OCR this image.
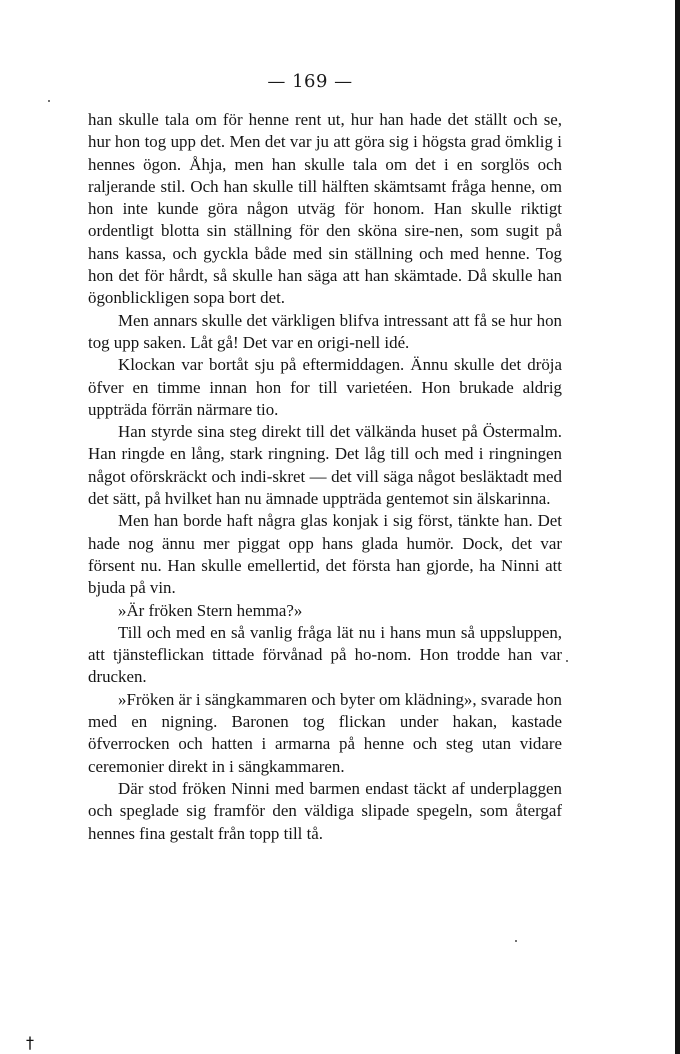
— 169 —

han skulle tala om för henne rent ut, hur han hade det ställt och se, hur hon tog upp det. Men det var ju att göra sig i högsta grad ömklig i hennes ögon. Åhja, men han skulle tala om det i en sorglös och raljerande stil. Och han skulle till hälften skämtsamt fråga henne, om hon inte kunde göra någon utväg för honom. Han skulle riktigt ordentligt blotta sin ställning för den sköna sire-nen, som sugit på hans kassa, och gyckla både med sin ställning och med henne. Tog hon det för hårdt, så skulle han säga att han skämtade. Då skulle han ögonblickligen sopa bort det.

Men annars skulle det värkligen blifva intressant att få se hur hon tog upp saken. Låt gå! Det var en origi-nell idé.

Klockan var bortåt sju på eftermiddagen. Ännu skulle det dröja öfver en timme innan hon for till varietéen. Hon brukade aldrig uppträda förrän närmare tio.

Han styrde sina steg direkt till det välkända huset på Östermalm. Han ringde en lång, stark ringning. Det låg till och med i ringningen något oförskräckt och indi-skret — det vill säga något besläktadt med det sätt, på hvilket han nu ämnade uppträda gentemot sin älskarinna.

Men han borde haft några glas konjak i sig först, tänkte han. Det hade nog ännu mer piggat opp hans glada humör. Dock, det var försent nu. Han skulle emellertid, det första han gjorde, ha Ninni att bjuda på vin.

»Är fröken Stern hemma?»

Till och med en så vanlig fråga lät nu i hans mun så uppsluppen, att tjänsteflickan tittade förvånad på ho-nom. Hon trodde han var drucken.

»Fröken är i sängkammaren och byter om klädning», svarade hon med en nigning. Baronen tog flickan under hakan, kastade öfverrocken och hatten i armarna på henne och steg utan vidare ceremonier direkt in i sängkammaren.

Där stod fröken Ninni med barmen endast täckt af underplaggen och speglade sig framför den väldiga slipade spegeln, som återgaf hennes fina gestalt från topp till tå.

†
